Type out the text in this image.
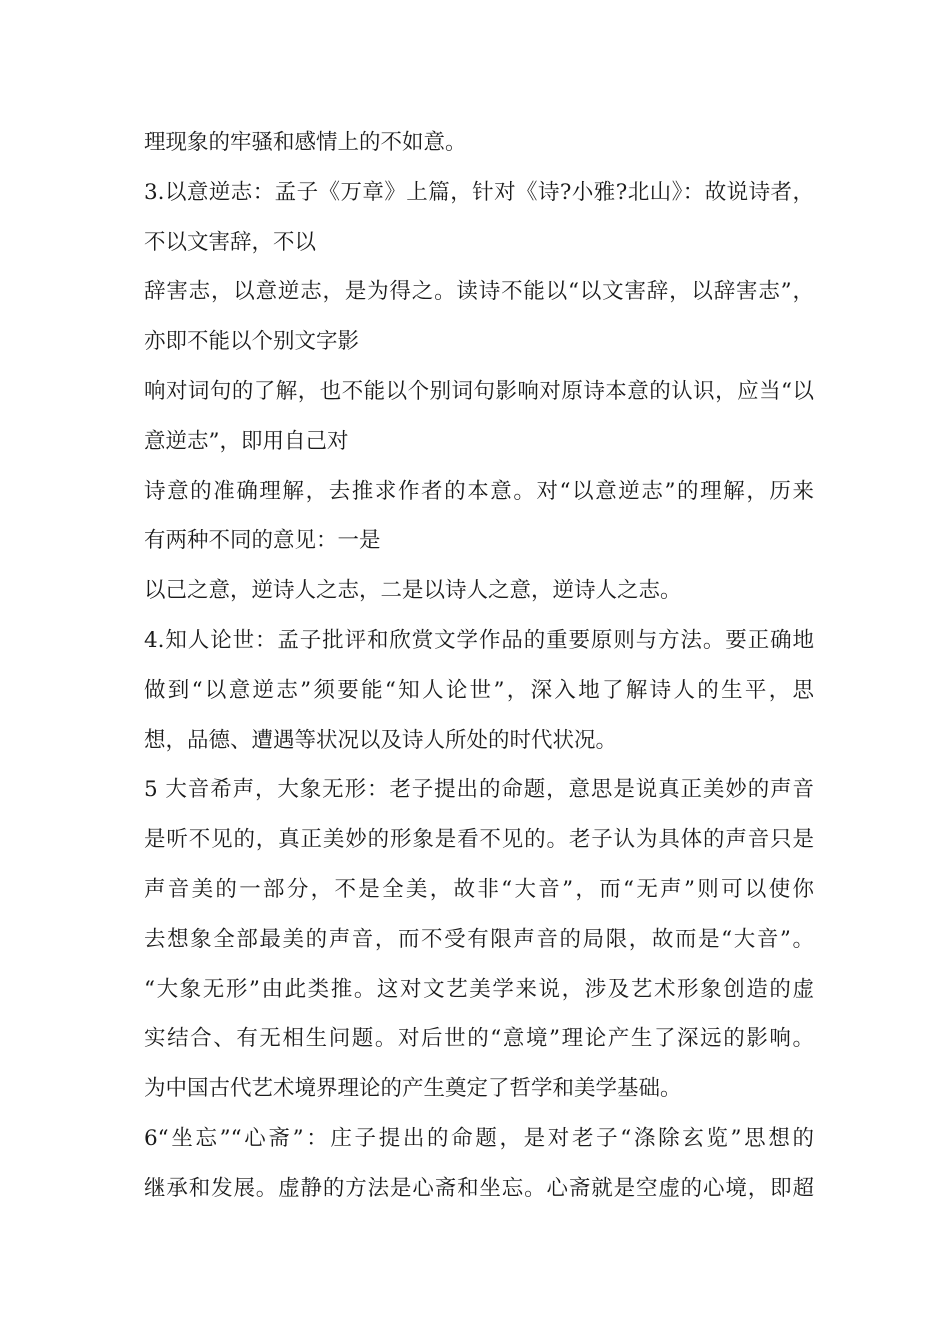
理现象的牢骚和感情上的不如意。
3.以意逆志：孟子《万章》上篇，针对《诗?小雅?北山》：故说诗者，
不以文害辞，不以
辞害志，以意逆志，是为得之。读诗不能以“以文害辞，以辞害志”，
亦即不能以个别文字影
响对词句的了解，也不能以个别词句影响对原诗本意的认识，应当“以
意逆志”，即用自己对
诗意的准确理解，去推求作者的本意。对“以意逆志”的理解，历来
有两种不同的意见：一是
以己之意，逆诗人之志，二是以诗人之意，逆诗人之志。
4.知人论世：孟子批评和欣赏文学作品的重要原则与方法。要正确地
做到“以意逆志”须要能“知人论世”，深入地了解诗人的生平，思
想，品德、遭遇等状况以及诗人所处的时代状况。
5 大音希声，大象无形：老子提出的命题，意思是说真正美妙的声音
是听不见的，真正美妙的形象是看不见的。老子认为具体的声音只是
声音美的一部分，不是全美，故非“大音”，而“无声”则可以使你
去想象全部最美的声音，而不受有限声音的局限，故而是“大音”。
“大象无形”由此类推。这对文艺美学来说，涉及艺术形象创造的虚
实结合、有无相生问题。对后世的“意境”理论产生了深远的影响。
为中国古代艺术境界理论的产生奠定了哲学和美学基础。
6“坐忘”“心斋”：庄子提出的命题，是对老子“涤除玄览”思想的
继承和发展。虚静的方法是心斋和坐忘。心斋就是空虚的心境，即超
